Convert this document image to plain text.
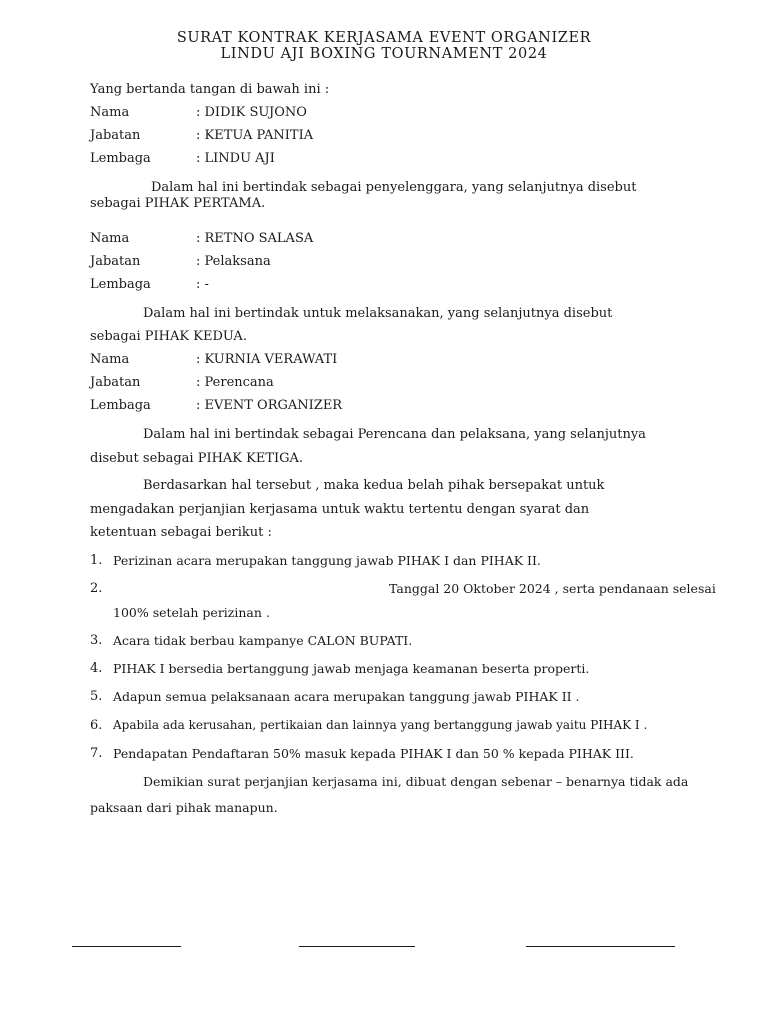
SURAT KONTRAK KERJASAMA EVENT ORGANIZER
LINDU AJI BOXING TOURNAMENT 2024
Yang bertanda tangan di bawah ini :
Nama	: DIDIK SUJONO
Jabatan	: KETUA PANITIA
Lembaga	: LINDU AJI
Dalam hal ini bertindak sebagai penyelenggara, yang selanjutnya disebut
sebagai PIHAK PERTAMA.
Nama	: RETNO SALASA
Jabatan	: Pelaksana
Lembaga	: -
Dalam hal ini bertindak untuk melaksanakan, yang selanjutnya disebut
sebagai PIHAK KEDUA.
Nama	: KURNIA VERAWATI
Jabatan	: Perencana
Lembaga	: EVENT ORGANIZER
Dalam hal ini bertindak sebagai Perencana dan pelaksana, yang selanjutnya
disebut sebagai PIHAK KETIGA.
Berdasarkan hal tersebut , maka kedua belah pihak bersepakat untuk
mengadakan perjanjian kerjasama untuk waktu tertentu dengan syarat dan
ketentuan sebagai berikut :
1. Perizinan acara merupakan tanggung jawab PIHAK I dan PIHAK II.
2.	Tanggal 20 Oktober 2024 , serta pendanaan selesai
100% setelah perizinan .
3. Acara tidak berbau kampanye CALON BUPATI.
4. PIHAK I bersedia bertanggung jawab menjaga keamanan beserta properti.
5. Adapun semua pelaksanaan acara merupakan tanggung jawab PIHAK II .
6. Apabila ada kerusahan, pertikaian dan lainnya yang bertanggung jawab yaitu PIHAK I .
7. Pendapatan Pendaftaran 50% masuk kepada PIHAK I dan 50 % kepada PIHAK III.
Demikian surat perjanjian kerjasama ini, dibuat dengan sebenar – benarnya tidak ada
paksaan dari pihak manapun.
